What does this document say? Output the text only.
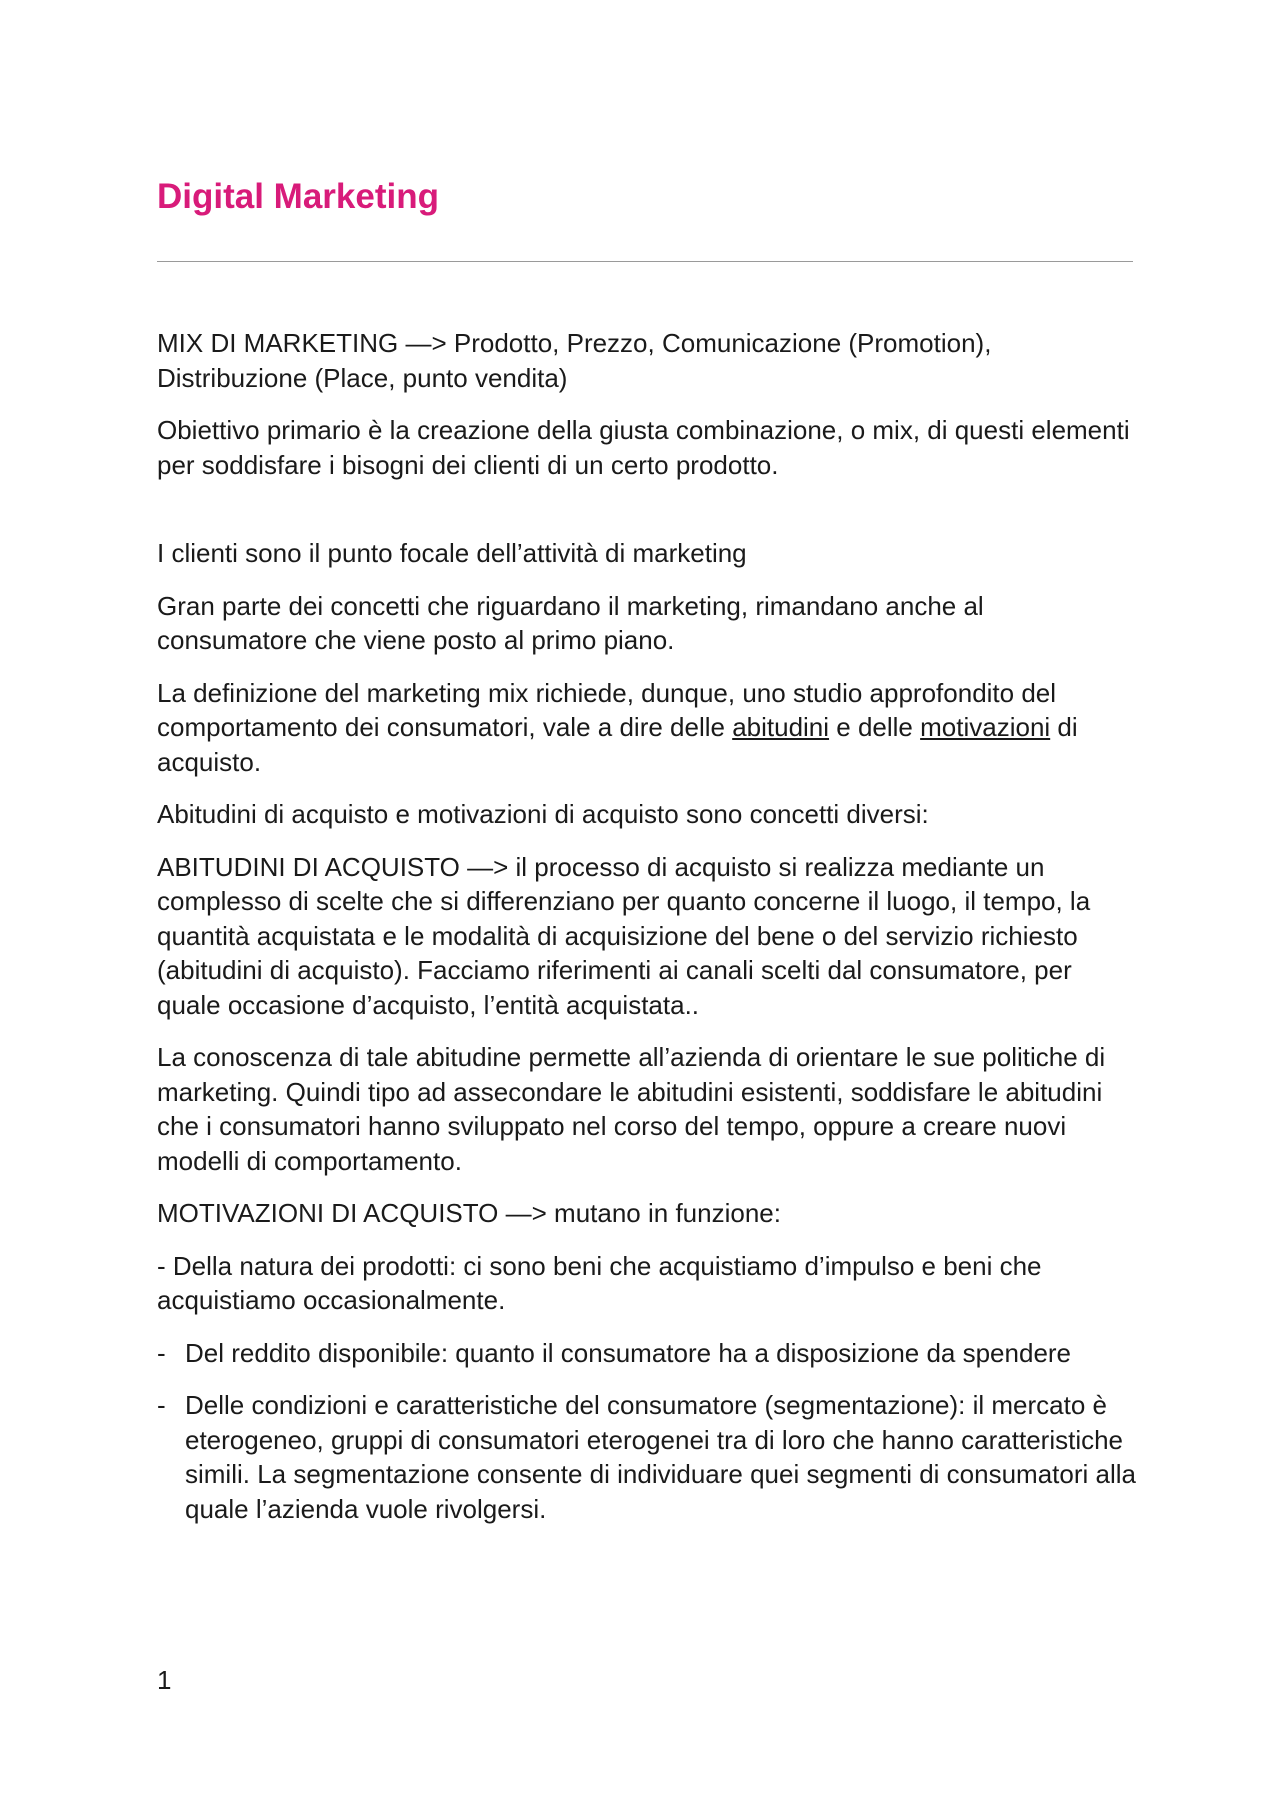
Digital Marketing

MIX DI MARKETING —> Prodotto, Prezzo, Comunicazione (Promotion), Distribuzione (Place, punto vendita)

Obiettivo primario è la creazione della giusta combinazione, o mix, di questi elementi per soddisfare i bisogni dei clienti di un certo prodotto.

I clienti sono il punto focale dell’attività di marketing

Gran parte dei concetti che riguardano il marketing, rimandano anche al consumatore che viene posto al primo piano.

La definizione del marketing mix richiede, dunque, uno studio approfondito del comportamento dei consumatori, vale a dire delle abitudini e delle motivazioni di acquisto.

Abitudini di acquisto e motivazioni di acquisto sono concetti diversi:

ABITUDINI DI ACQUISTO —> il processo di acquisto si realizza mediante un complesso di scelte che si differenziano per quanto concerne il luogo, il tempo, la quantità acquistata e le modalità di acquisizione del bene o del servizio richiesto (abitudini di acquisto). Facciamo riferimenti ai canali scelti dal consumatore, per quale occasione d’acquisto, l’entità acquistata..

La conoscenza di tale abitudine permette all’azienda di orientare le sue politiche di marketing. Quindi tipo ad assecondare le abitudini esistenti, soddisfare le abitudini che i consumatori hanno sviluppato nel corso del tempo, oppure a creare nuovi modelli di comportamento.

MOTIVAZIONI DI ACQUISTO —> mutano in funzione:

- Della natura dei prodotti: ci sono beni che acquistiamo d’impulso e beni che acquistiamo occasionalmente.

- Del reddito disponibile: quanto il consumatore ha a disposizione da spendere
- Delle condizioni e caratteristiche del consumatore (segmentazione): il mercato è eterogeneo, gruppi di consumatori eterogenei tra di loro che hanno caratteristiche simili. La segmentazione consente di individuare quei segmenti di consumatori alla quale l’azienda vuole rivolgersi.
1
